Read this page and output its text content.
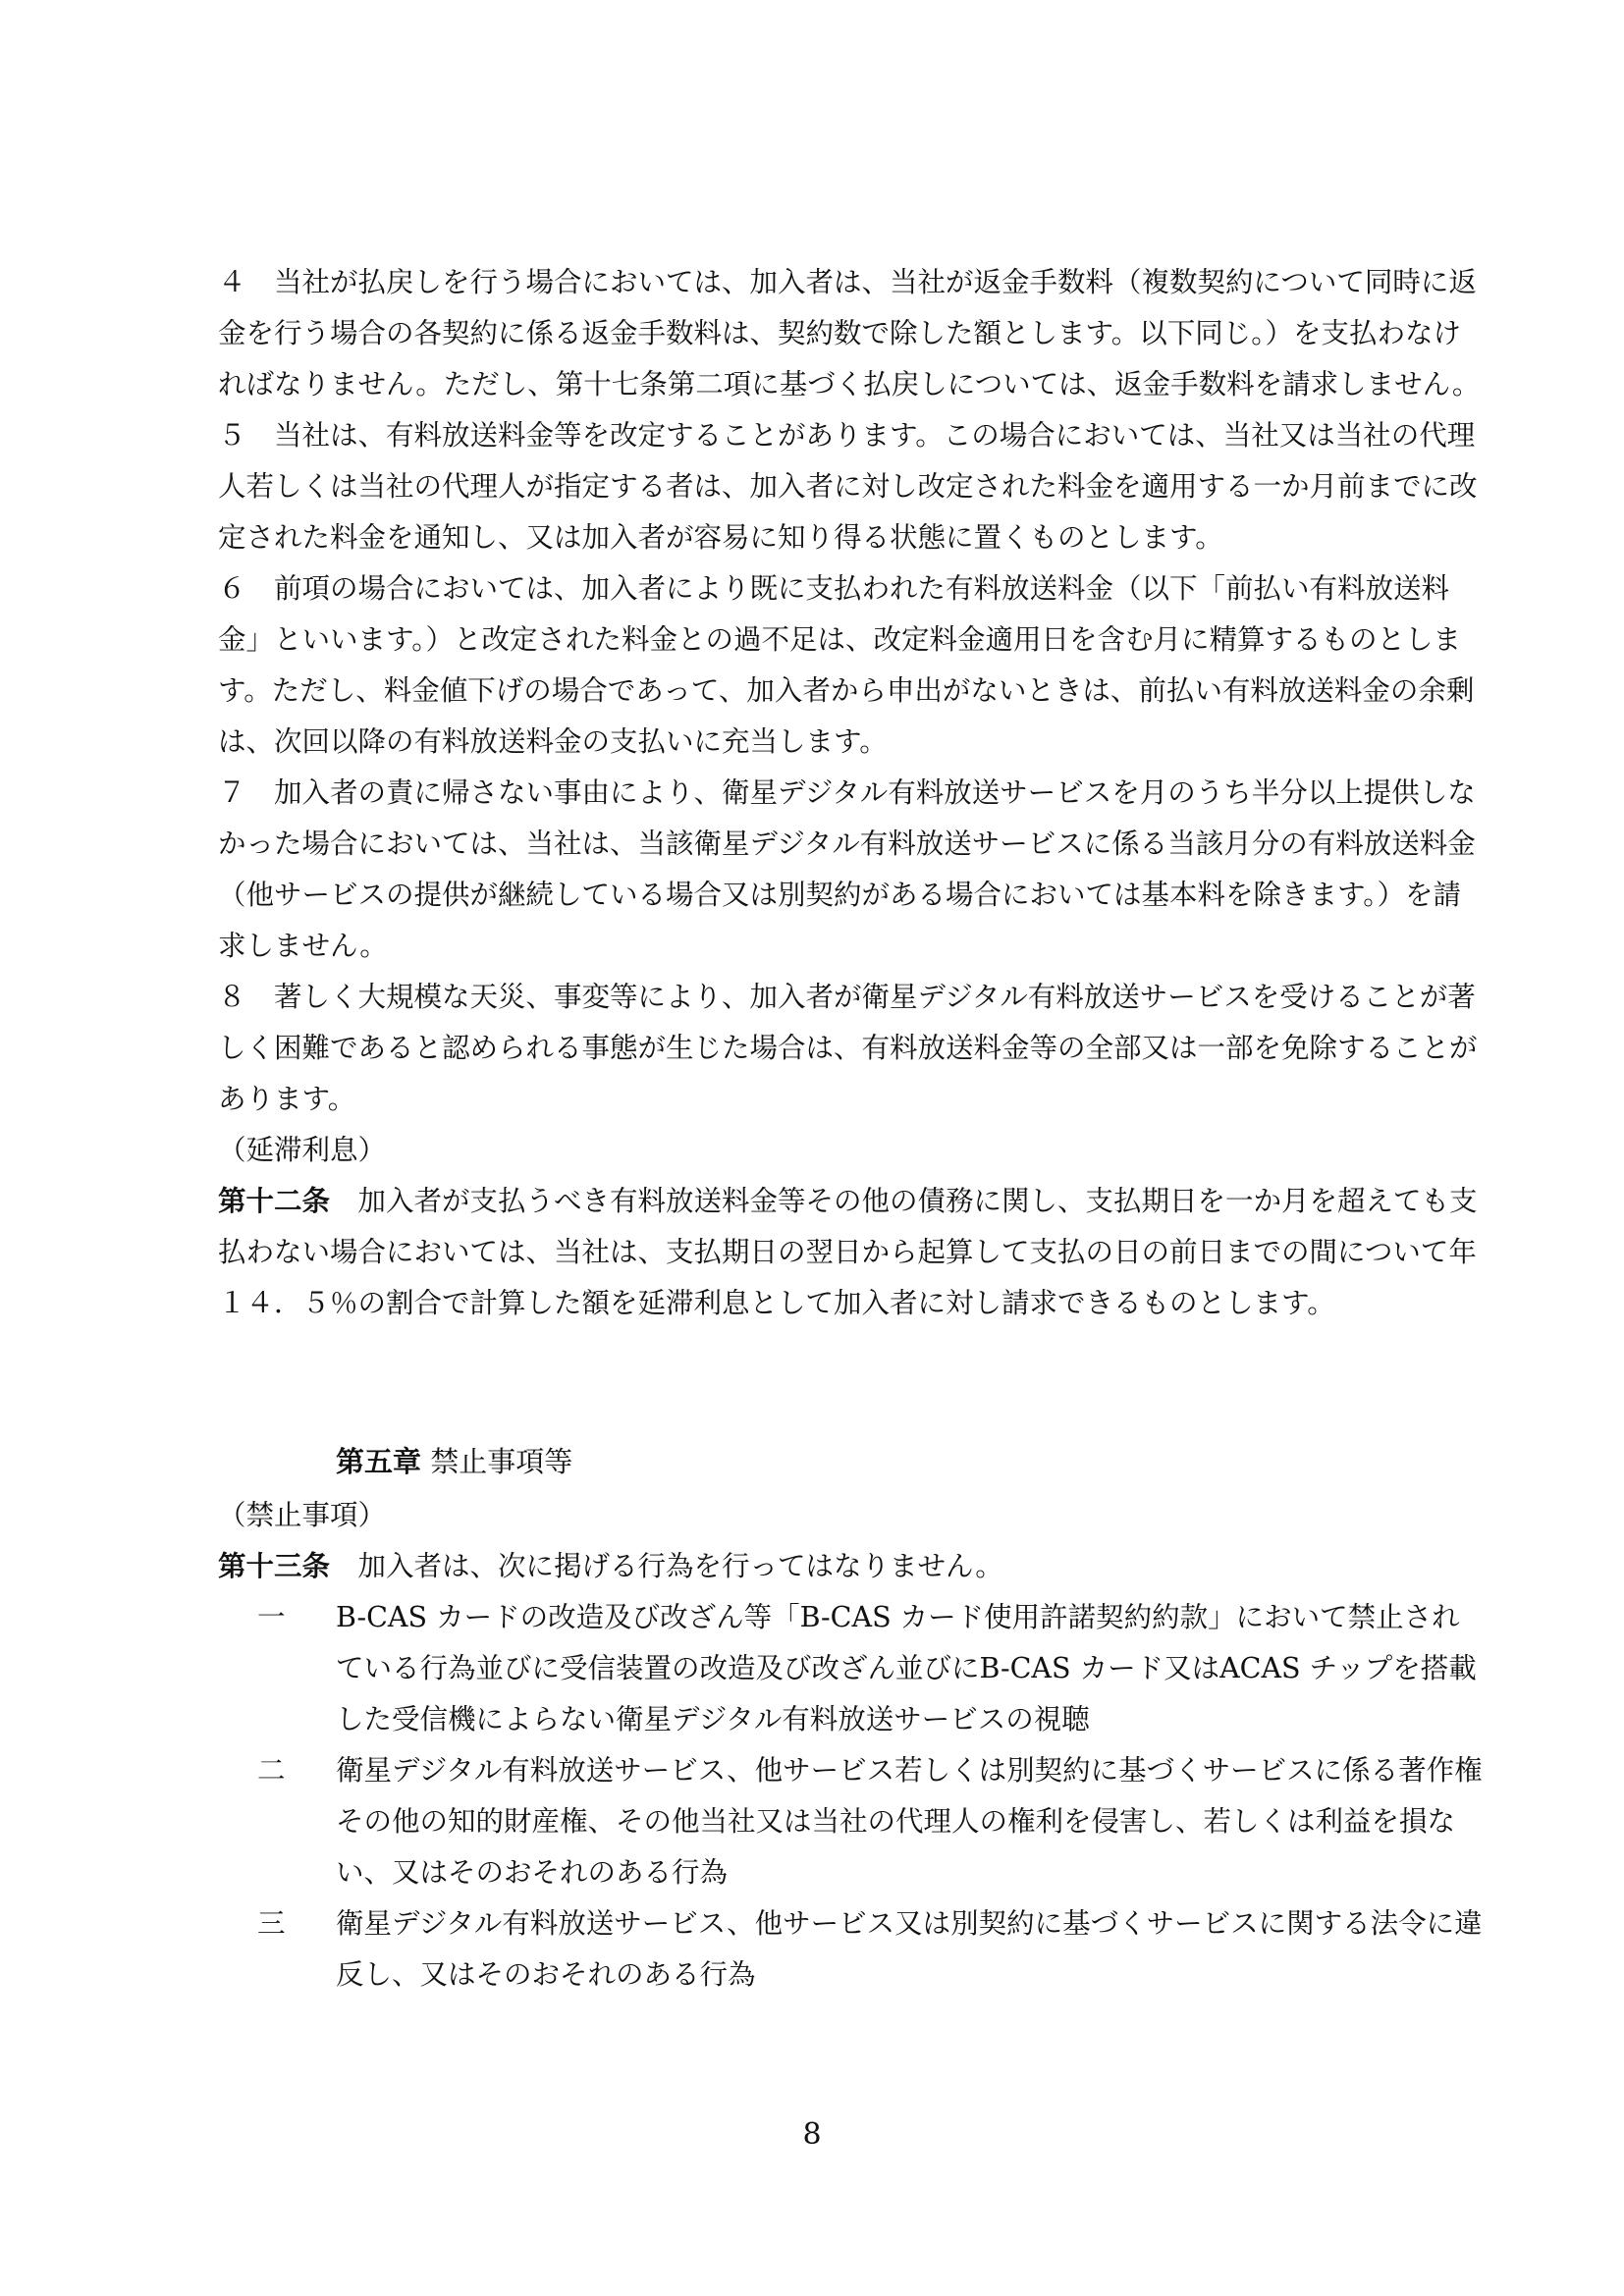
４　当社が払戻しを行う場合においては、加入者は、当社が返金手数料（複数契約について同時に返金を行う場合の各契約に係る返金手数料は、契約数で除した額とします。以下同じ。）を支払わなければなりません。ただし、第十七条第二項に基づく払戻しについては、返金手数料を請求しません。

５　当社は、有料放送料金等を改定することがあります。この場合においては、当社又は当社の代理人若しくは当社の代理人が指定する者は、加入者に対し改定された料金を適用する一か月前までに改定された料金を通知し、又は加入者が容易に知り得る状態に置くものとします。

６　前項の場合においては、加入者により既に支払われた有料放送料金（以下「前払い有料放送料金」といいます。）と改定された料金との過不足は、改定料金適用日を含む月に精算するものとします。ただし、料金値下げの場合であって、加入者から申出がないときは、前払い有料放送料金の余剰は、次回以降の有料放送料金の支払いに充当します。

７　加入者の責に帰さない事由により、衛星デジタル有料放送サービスを月のうち半分以上提供しなかった場合においては、当社は、当該衛星デジタル有料放送サービスに係る当該月分の有料放送料金（他サービスの提供が継続している場合又は別契約がある場合においては基本料を除きます。）を請求しません。

８　著しく大規模な天災、事変等により、加入者が衛星デジタル有料放送サービスを受けることが著しく困難であると認められる事態が生じた場合は、有料放送料金等の全部又は一部を免除することがあります。

（延滞利息）

第十二条　加入者が支払うべき有料放送料金等その他の債務に関し、支払期日を一か月を超えても支払わない場合においては、当社は、支払期日の翌日から起算して支払の日の前日までの間について年１４．５％の割合で計算した額を延滞利息として加入者に対し請求できるものとします。

第五章 禁止事項等

（禁止事項）

第十三条　加入者は、次に掲げる行為を行ってはなりません。

一	B-CAS カードの改造及び改ざん等「B-CAS カード使用許諾契約約款」において禁止されている行為並びに受信装置の改造及び改ざん並びにB-CAS カード又はACAS チップを搭載した受信機によらない衛星デジタル有料放送サービスの視聴
二	衛星デジタル有料放送サービス、他サービス若しくは別契約に基づくサービスに係る著作権その他の知的財産権、その他当社又は当社の代理人の権利を侵害し、若しくは利益を損ない、又はそのおそれのある行為
三	衛星デジタル有料放送サービス、他サービス又は別契約に基づくサービスに関する法令に違反し、又はそのおそれのある行為
8
